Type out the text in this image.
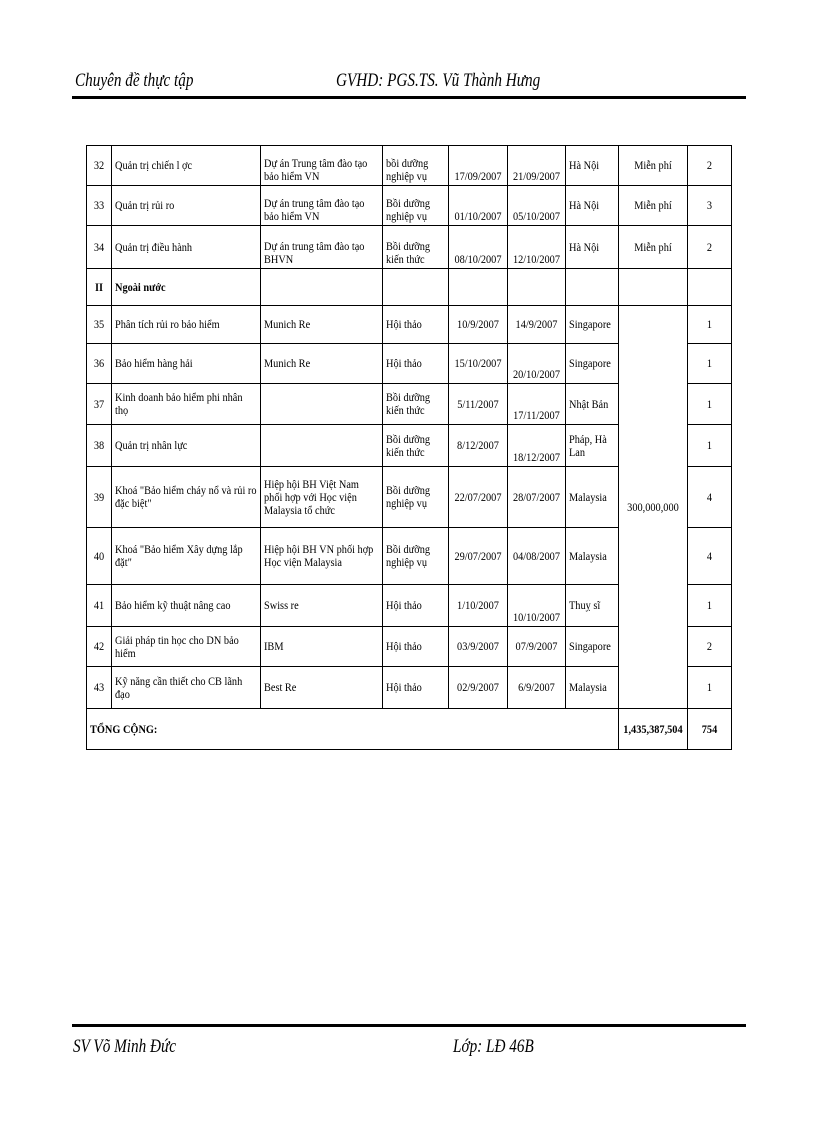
Chuyên đề thực tập	GVHD: PGS.TS. Vũ Thành Hưng
32	Quản trị chiến l ợc	Dự án Trung tâm đào tạo bảo hiểm VN	bồi dưỡng nghiệp vụ	17/09/2007	21/09/2007	Hà Nội	Miễn phí	2
33	Quản trị rủi ro	Dự án trung tâm đào tạo bảo hiểm VN	Bồi dưỡng nghiệp vụ	01/10/2007	05/10/2007	Hà Nội	Miễn phí	3
34	Quản trị điều hành	Dự án trung tâm đào tạo BHVN	Bồi dưỡng kiến thức	08/10/2007	12/10/2007	Hà Nội	Miễn phí	2
II	Ngoài nước							
35	Phân tích rủi ro bảo hiểm	Munich Re	Hội thảo	10/9/2007	14/9/2007	Singapore	300,000,000	1
36	Bảo hiểm hàng hải	Munich Re	Hội thảo	15/10/2007	20/10/2007	Singapore		1
37	Kinh doanh bảo hiểm phi nhân thọ		Bồi dưỡng kiến thức	5/11/2007	17/11/2007	Nhật Bản		1
38	Quản trị nhân lực		Bồi dưỡng kiến thức	8/12/2007	18/12/2007	Pháp, Hà Lan		1
39	Khoá "Bảo hiểm cháy nổ và rủi ro đặc biệt"	Hiệp hội BH Việt Nam phối hợp với Học viện Malaysia tổ chức	Bồi dưỡng nghiệp vụ	22/07/2007	28/07/2007	Malaysia		4
40	Khoá "Bảo hiểm Xây dựng lắp đặt"	Hiệp hội BH VN phối hợp Học viện Malaysia	Bồi dưỡng nghiệp vụ	29/07/2007	04/08/2007	Malaysia		4
41	Bảo hiểm kỹ thuật nâng cao	Swiss re	Hội thảo	1/10/2007	10/10/2007	Thuỵ sĩ		1
42	Giải pháp tin học cho DN bảo hiểm	IBM	Hội thảo	03/9/2007	07/9/2007	Singapore		2
43	Kỹ năng cần thiết cho CB lãnh đạo	Best Re	Hội thảo	02/9/2007	6/9/2007	Malaysia		1
TỔNG CỘNG:							1,435,387,504	754
SV Võ Minh Đức	Lớp: LĐ 46B
